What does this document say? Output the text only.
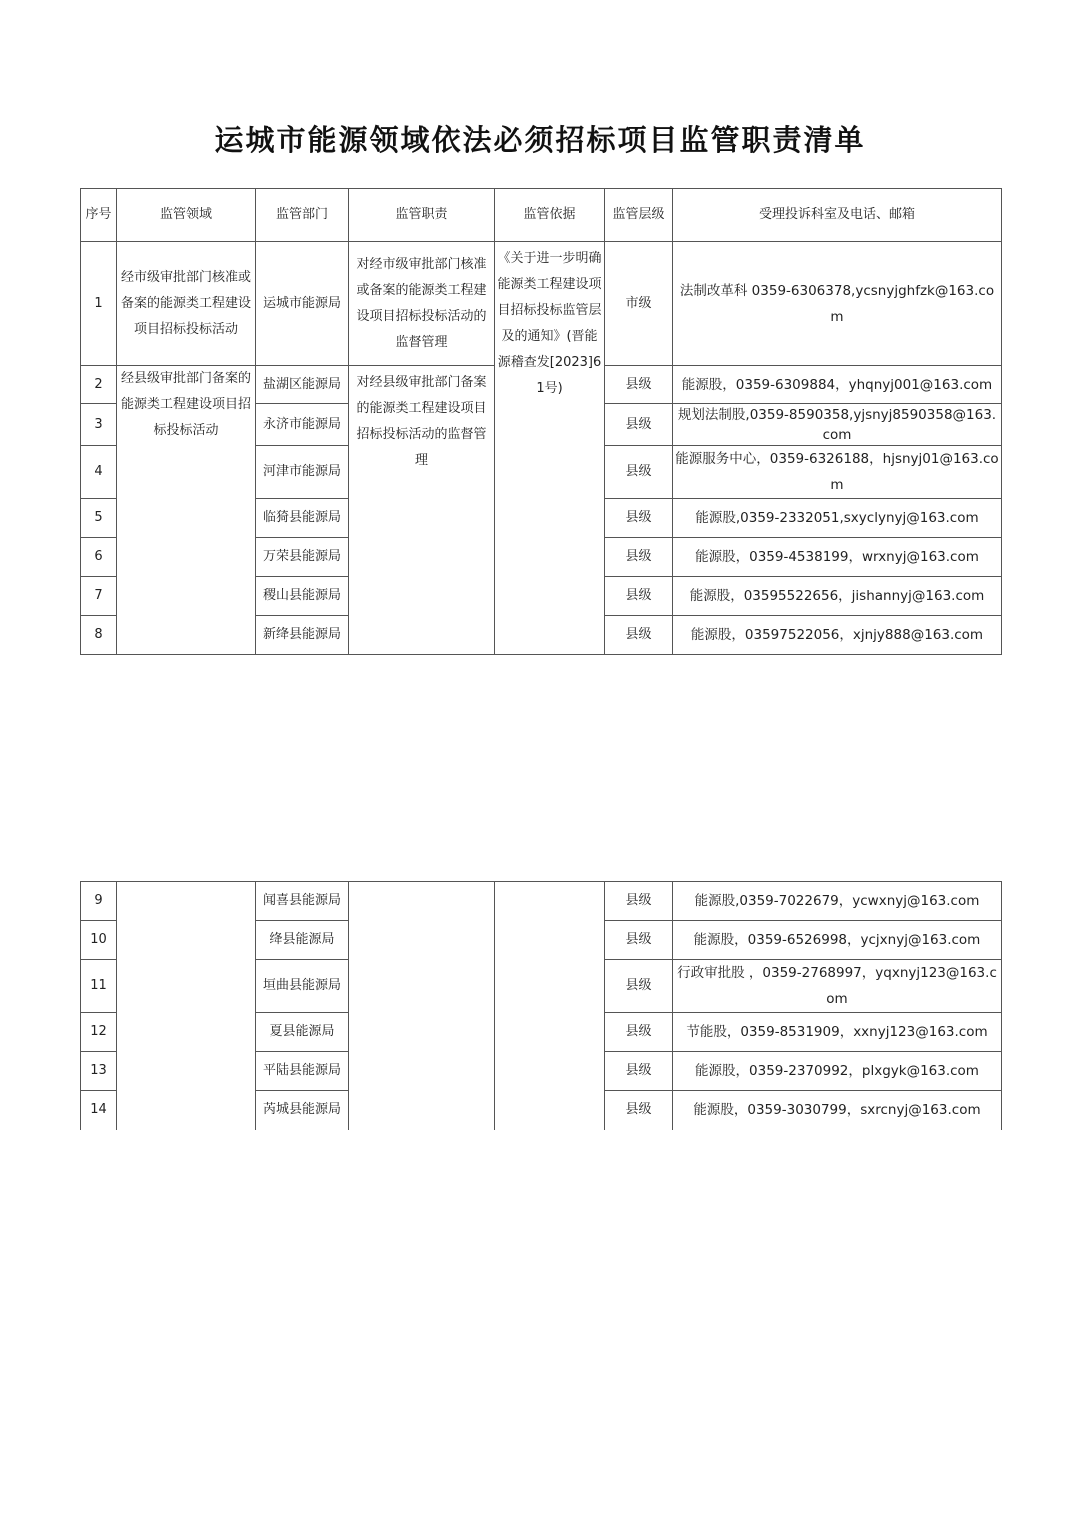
运城市能源领域依法必须招标项目监管职责清单
序号	监管领域	监管部门	监管职责	监管依据	监管层级	受理投诉科室及电话、邮箱
1	经市级审批部门核准或备案的能源类工程建设项目招标投标活动	运城市能源局	对经市级审批部门核准或备案的能源类工程建设项目招标投标活动的监督管理	《关于进一步明确能源类工程建设项目招标投标监管层及的通知》(晋能源稽查发[2023]61号)	市级	法制改革科 0359-6306378,ycsnyjghfzk@163.com
2	经县级审批部门备案的能源类工程建设项目招标投标活动	盐湖区能源局	对经县级审批部门备案的能源类工程建设项目招标投标活动的监督管理		县级	能源股，0359-6309884，yhqnyj001@163.com
3		永济市能源局			县级	规划法制股,0359-8590358,yjsnyj8590358@163.com
4		河津市能源局			县级	能源服务中心，0359-6326188，hjsnyj01@163.com
5		临猗县能源局			县级	能源股,0359-2332051,sxyclynyj@163.com
6		万荣县能源局			县级	能源股，0359-4538199，wrxnyj@163.com
7		稷山县能源局			县级	能源股，03595522656，jishannyj@163.com
8		新绛县能源局			县级	能源股，03597522056，xjnjy888@163.com
9		闻喜县能源局			县级	能源股,0359-7022679，ycwxnyj@163.com
10		绛县能源局			县级	能源股，0359-6526998，ycjxnyj@163.com
11		垣曲县能源局			县级	行政审批股 ，0359-2768997，yqxnyj123@163.com
12		夏县能源局			县级	节能股，0359-8531909，xxnyj123@163.com
13		平陆县能源局			县级	能源股，0359-2370992，plxgyk@163.com
14		芮城县能源局			县级	能源股，0359-3030799，sxrcnyj@163.com
